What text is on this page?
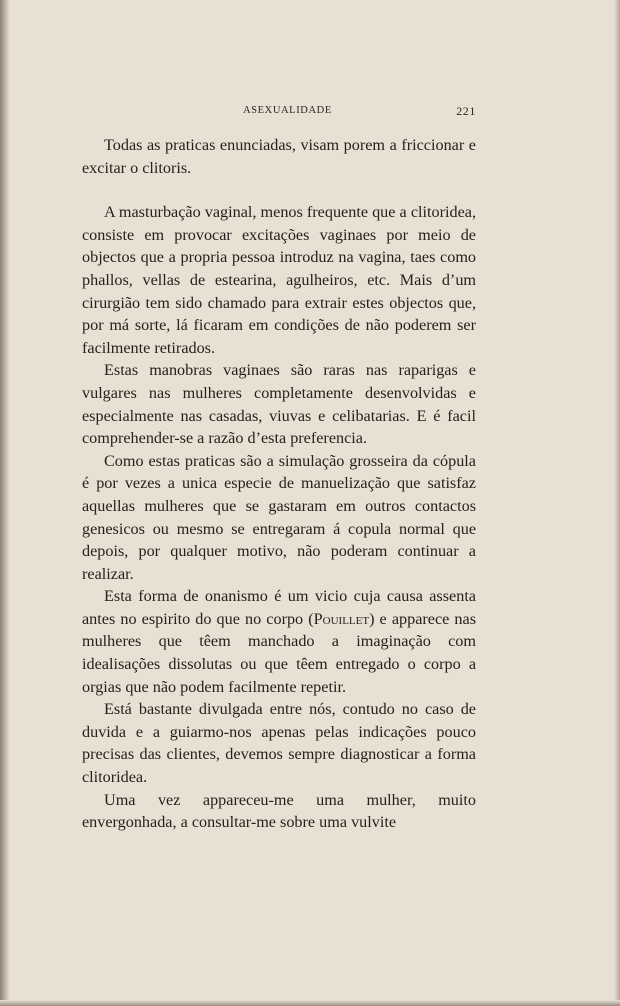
ASEXUALIDADE	221

Todas as praticas enunciadas, visam porem a friccionar e excitar o clitoris.

A masturbação vaginal, menos frequente que a clitoridea, consiste em provocar excitações vaginaes por meio de objectos que a propria pessoa introduz na vagina, taes como phallos, vellas de estearina, agulheiros, etc. Mais d’um cirurgião tem sido chamado para extrair estes objectos que, por má sorte, lá ficaram em condições de não poderem ser facilmente retirados.

Estas manobras vaginaes são raras nas raparigas e vulgares nas mulheres completamente desenvolvidas e especialmente nas casadas, viuvas e celibatarias. E é facil comprehender-se a razão d’esta preferencia.

Como estas praticas são a simulação grosseira da cópula é por vezes a unica especie de manuelização que satisfaz aquellas mulheres que se gastaram em outros contactos genesicos ou mesmo se entregaram á copula normal que depois, por qualquer motivo, não poderam continuar a realizar.

Esta forma de onanismo é um vicio cuja causa assenta antes no espirito do que no corpo (Pouillet) e apparece nas mulheres que têem manchado a imaginação com idealisações dissolutas ou que têem entregado o corpo a orgias que não podem facilmente repetir.

Está bastante divulgada entre nós, contudo no caso de duvida e a guiarmo-nos apenas pelas indicações pouco precisas das clientes, devemos sempre diagnosticar a forma clitoridea.

Uma vez appareceu-me uma mulher, muito envergonhada, a consultar-me sobre uma vulvite
